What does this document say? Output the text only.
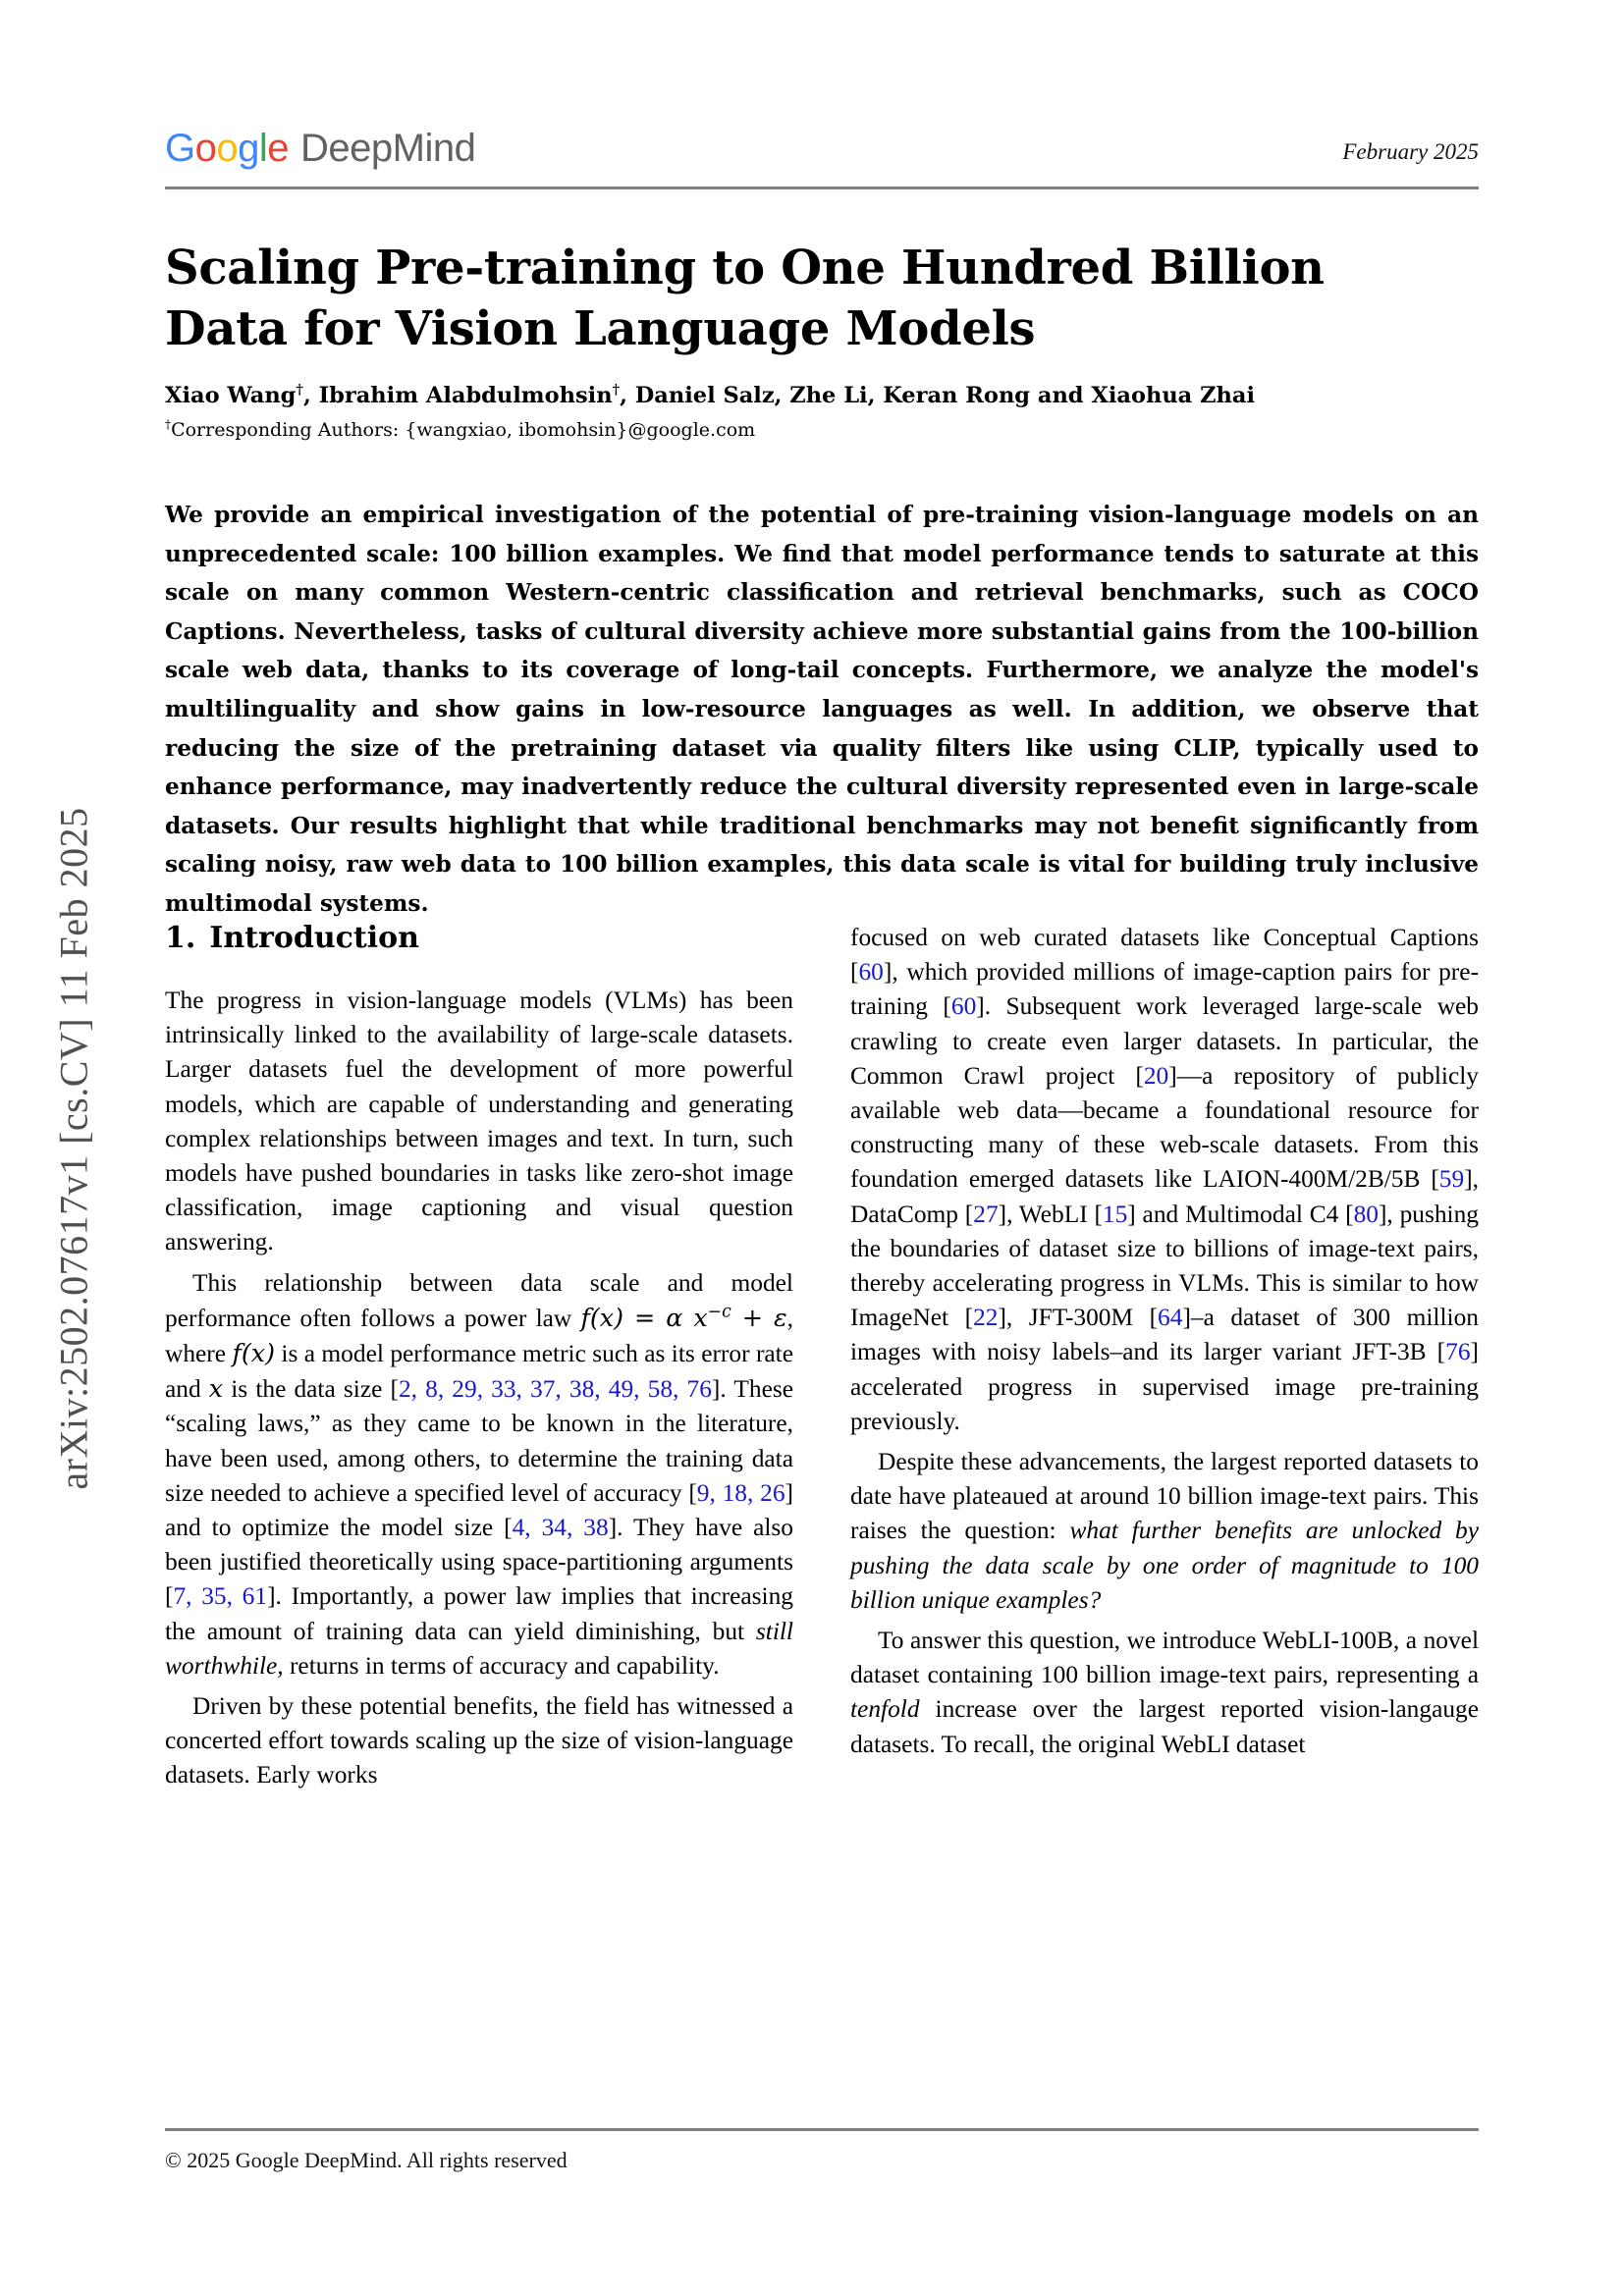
arXiv:2502.07617v1 [cs.CV] 11 Feb 2025
Google DeepMind	February 2025
Scaling Pre-training to One Hundred Billion Data for Vision Language Models
Xiao Wang†, Ibrahim Alabdulmohsin†, Daniel Salz, Zhe Li, Keran Rong and Xiaohua Zhai
†Corresponding Authors: {wangxiao, ibomohsin}@google.com
We provide an empirical investigation of the potential of pre-training vision-language models on an unprecedented scale: 100 billion examples. We find that model performance tends to saturate at this scale on many common Western-centric classification and retrieval benchmarks, such as COCO Captions. Nevertheless, tasks of cultural diversity achieve more substantial gains from the 100-billion scale web data, thanks to its coverage of long-tail concepts. Furthermore, we analyze the model's multilinguality and show gains in low-resource languages as well. In addition, we observe that reducing the size of the pretraining dataset via quality filters like using CLIP, typically used to enhance performance, may inadvertently reduce the cultural diversity represented even in large-scale datasets. Our results highlight that while traditional benchmarks may not benefit significantly from scaling noisy, raw web data to 100 billion examples, this data scale is vital for building truly inclusive multimodal systems.
1. Introduction

The progress in vision-language models (VLMs) has been intrinsically linked to the availability of large-scale datasets. Larger datasets fuel the development of more powerful models, which are capable of understanding and generating complex relationships between images and text. In turn, such models have pushed boundaries in tasks like zero-shot image classification, image captioning and visual question answering.

This relationship between data scale and model performance often follows a power law f(x) = α $x^{-c} + \varepsilon$, where f(x) is a model performance metric such as its error rate and x is the data size [2, 8, 29, 33, 37, 38, 49, 58, 76]. These “scaling laws,” as they came to be known in the literature, have been used, among others, to determine the training data size needed to achieve a specified level of accuracy [9, 18, 26] and to optimize the model size [4, 34, 38]. They have also been justified theoretically using space-partitioning arguments [7, 35, 61]. Importantly, a power law implies that increasing the amount of training data can yield diminishing, but still worthwhile, returns in terms of accuracy and capability.

Driven by these potential benefits, the field has witnessed a concerted effort towards scaling up the size of vision-language datasets. Early works

focused on web curated datasets like Conceptual Captions [60], which provided millions of image-caption pairs for pre-training [60]. Subsequent work leveraged large-scale web crawling to create even larger datasets. In particular, the Common Crawl project [20]—a repository of publicly available web data—became a foundational resource for constructing many of these web-scale datasets. From this foundation emerged datasets like LAION-400M/2B/5B [59], DataComp [27], WebLI [15] and Multimodal C4 [80], pushing the boundaries of dataset size to billions of image-text pairs, thereby accelerating progress in VLMs. This is similar to how ImageNet [22], JFT-300M [64]–a dataset of 300 million images with noisy labels–and its larger variant JFT-3B [76] accelerated progress in supervised image pre-training previously.

Despite these advancements, the largest reported datasets to date have plateaued at around 10 billion image-text pairs. This raises the question: what further benefits are unlocked by pushing the data scale by one order of magnitude to 100 billion unique examples?

To answer this question, we introduce WebLI-100B, a novel dataset containing 100 billion image-text pairs, representing a tenfold increase over the largest reported vision-langauge datasets. To recall, the original WebLI dataset

© 2025 Google DeepMind. All rights reserved
